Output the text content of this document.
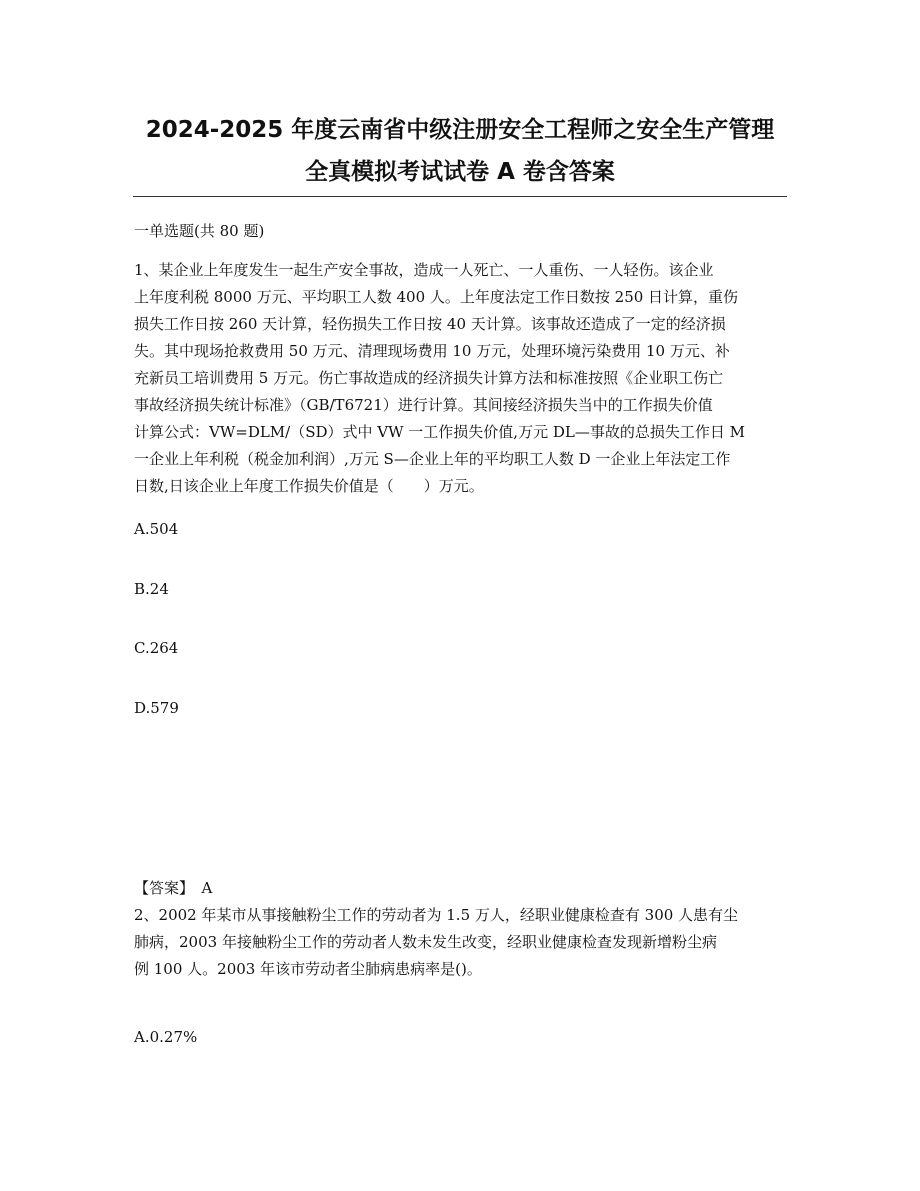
2024-2025 年度云南省中级注册安全工程师之安全生产管理
全真模拟考试试卷 A 卷含答案
一单选题(共 80 题)
1、某企业上年度发生一起生产安全事故，造成一人死亡、一人重伤、一人轻伤。该企业
上年度利税 8000 万元、平均职工人数 400 人。上年度法定工作日数按 250 日计算，重伤
损失工作日按 260 天计算，轻伤损失工作日按 40 天计算。该事故还造成了一定的经济损
失。其中现场抢救费用 50 万元、清理现场费用 10 万元，处理环境污染费用 10 万元、补
充新员工培训费用 5 万元。伤亡事故造成的经济损失计算方法和标准按照《企业职工伤亡
事故经济损失统计标准》（GB/T6721）进行计算。其间接经济损失当中的工作损失价值
计算公式：VW=DLM/（SD）式中 VW 一工作损失价值,万元 DL—事故的总损失工作日 M
一企业上年利税（税金加利润）,万元 S—企业上年的平均职工人数 D 一企业上年法定工作
日数,日该企业上年度工作损失价值是（　　）万元。
A.504
B.24
C.264
D.579
【答案】　A
2、2002 年某市从事接触粉尘工作的劳动者为 1.5 万人，经职业健康检查有 300 人患有尘
肺病，2003 年接触粉尘工作的劳动者人数未发生改变，经职业健康检查发现新增粉尘病
例 100 人。2003 年该市劳动者尘肺病患病率是()。
A.0.27%
